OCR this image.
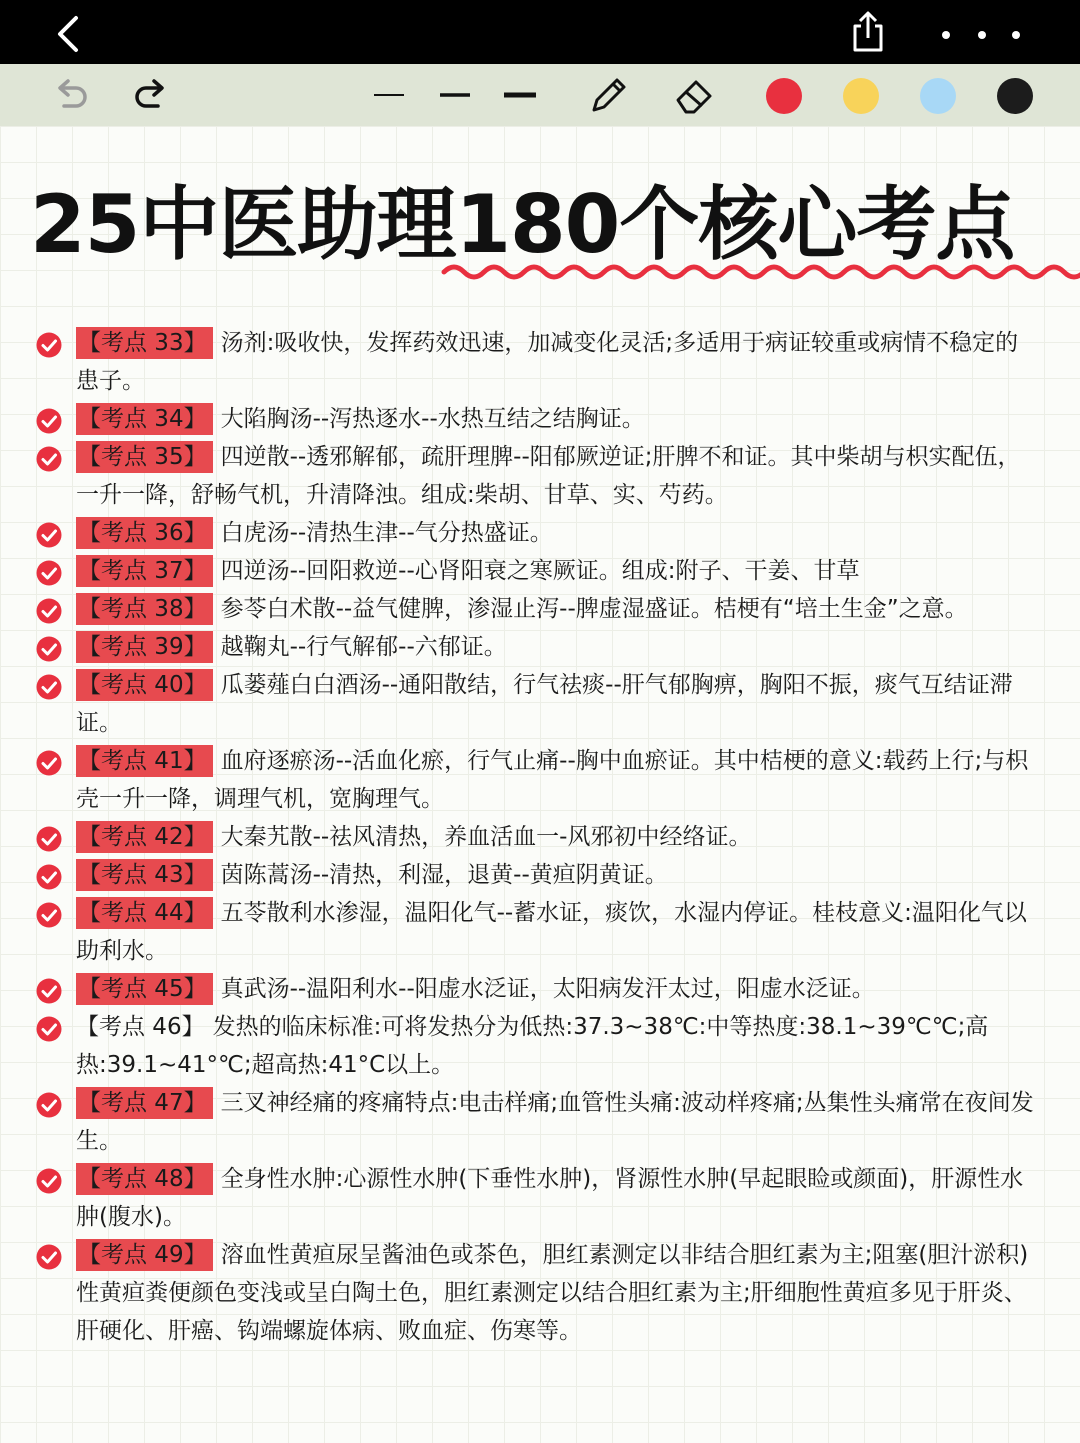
25中医助理180个核心考点
【考点 33】 汤剂:吸收快，发挥药效迅速，加减变化灵活;多适用于病证较重或病情不稳定的患子。
【考点 34】 大陷胸汤--泻热逐水--水热互结之结胸证。
【考点 35】 四逆散--透邪解郁，疏肝理脾--阳郁厥逆证;肝脾不和证。其中柴胡与枳实配伍，一升一降，舒畅气机，升清降浊。组成:柴胡、甘草、实、芍药。
【考点 36】 白虎汤--清热生津--气分热盛证。
【考点 37】 四逆汤--回阳救逆--心肾阳衰之寒厥证。组成:附子、干姜、甘草
【考点 38】 参苓白术散--益气健脾，渗湿止泻--脾虚湿盛证。桔梗有“培土生金”之意。
【考点 39】 越鞠丸--行气解郁--六郁证。
【考点 40】 瓜蒌薤白白酒汤--通阳散结，行气祛痰--肝气郁胸痹，胸阳不振，痰气互结证滞证。
【考点 41】 血府逐瘀汤--活血化瘀，行气止痛--胸中血瘀证。其中桔梗的意义:载药上行;与枳壳一升一降，调理气机，宽胸理气。
【考点 42】 大秦艽散--祛风清热，养血活血一-风邪初中经络证。
【考点 43】 茵陈蒿汤--清热，利湿，退黄--黄疸阴黄证。
【考点 44】 五苓散利水渗湿，温阳化气--蓄水证，痰饮，水湿内停证。桂枝意义:温阳化气以助利水。
【考点 45】 真武汤--温阳利水--阳虚水泛证，太阳病发汗太过，阳虚水泛证。
【考点 46】 发热的临床标准:可将发热分为低热:37.3~38℃:中等热度:38.1~39℃℃;高热:39.1~41°℃;超高热:41°C以上。
【考点 47】 三叉神经痛的疼痛特点:电击样痛;血管性头痛:波动样疼痛;丛集性头痛常在夜间发生。
【考点 48】 全身性水肿:心源性水肿(下垂性水肿)，肾源性水肿(早起眼睑或颜面)，肝源性水肿(腹水)。
【考点 49】 溶血性黄疸尿呈酱油色或茶色，胆红素测定以非结合胆红素为主;阻塞(胆汁淤积)性黄疸粪便颜色变浅或呈白陶土色，胆红素测定以结合胆红素为主;肝细胞性黄疸多见于肝炎、肝硬化、肝癌、钩端螺旋体病、败血症、伤寒等。
